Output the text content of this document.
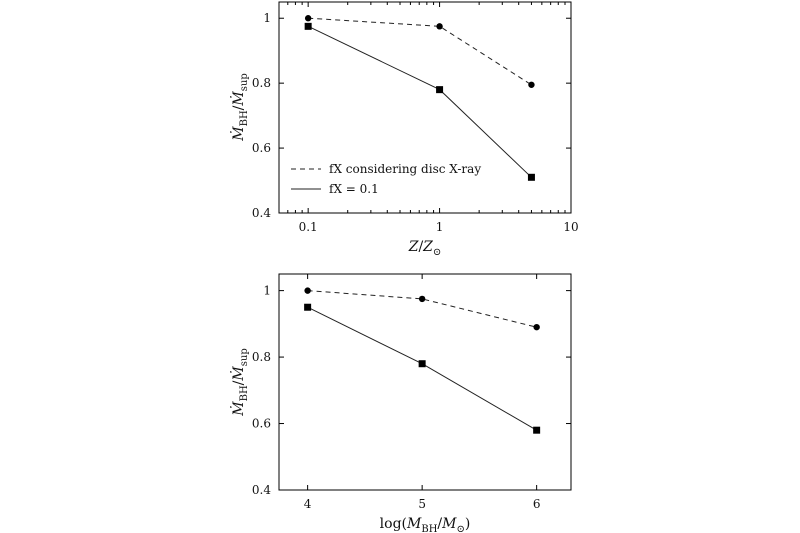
0.1	1	10
0.4
0.6
0.8
1
fX considering disc X-ray
fX = 0.1
$Z/Z_⊙$
Ṁ$_{BH}$/Ṁ$_{sup}$
4	5	6
0.4
0.6
0.8
1
$\log(M_{BH}/M_⊙)$
Ṁ$_{BH}$/Ṁ$_{sup}$
